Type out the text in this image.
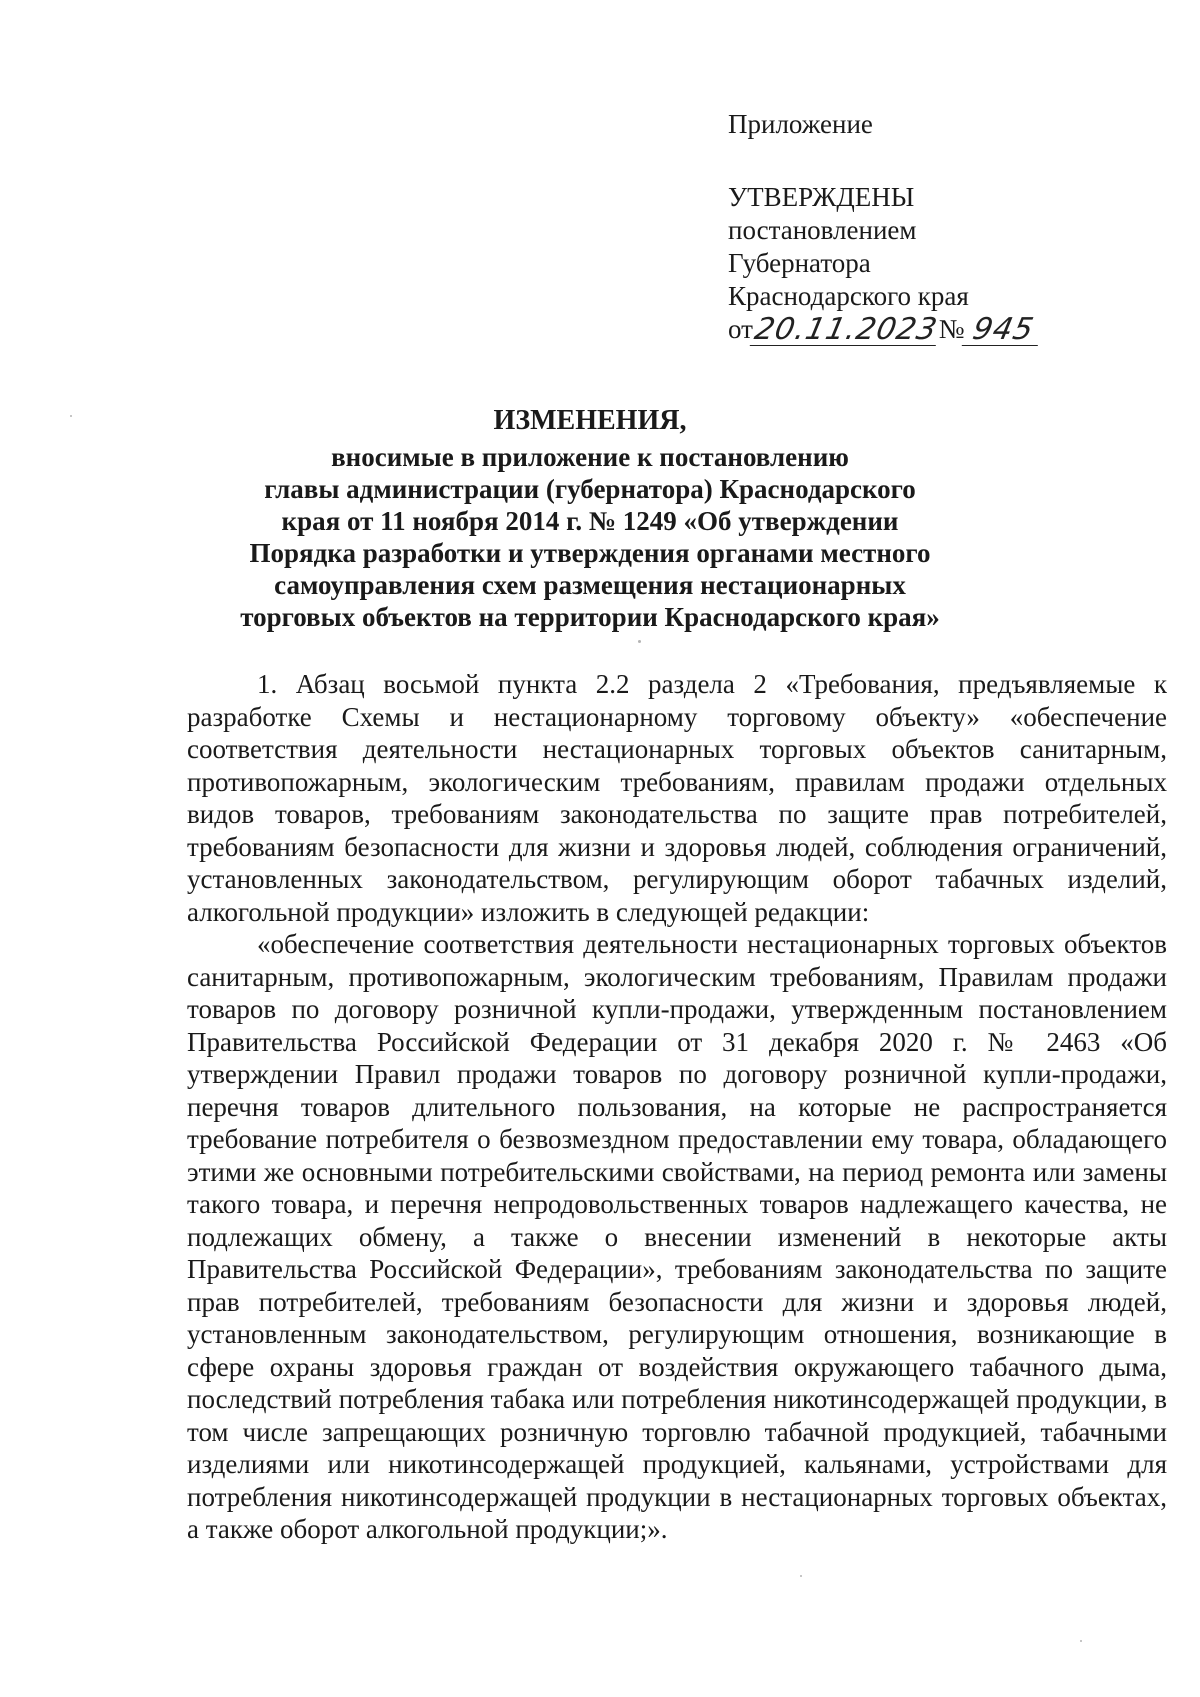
Приложение
УТВЕРЖДЕНЫ
постановлением
Губернатора
Краснодарского края
от
20.11.2023
№ 945
ИЗМЕНЕНИЯ,
вносимые в приложение к постановлению
главы администрации (губернатора) Краснодарского
края от 11 ноября 2014 г. № 1249 «Об утверждении
Порядка разработки и утверждения органами местного
самоуправления схем размещения нестационарных
торговых объектов на территории Краснодарского края»

1. Абзац восьмой пункта 2.2 раздела 2 «Требования, предъявляемые к разработке Схемы и нестационарному торговому объекту» «обеспечение соответствия деятельности нестационарных торговых объектов санитарным, противопожарным, экологическим требованиям, правилам продажи отдельных видов товаров, требованиям законодательства по защите прав потребителей, требованиям безопасности для жизни и здоровья людей, соблюдения ограничений, установленных законодательством, регулирующим оборот табачных изделий, алкогольной продукции» изложить в следующей редакции:

«обеспечение соответствия деятельности нестационарных торговых объектов санитарным, противопожарным, экологическим требованиям, Правилам продажи товаров по договору розничной купли-продажи, утвержденным постановлением Правительства Российской Федерации от 31 декабря 2020 г. № 2463 «Об утверждении Правил продажи товаров по договору розничной купли-продажи, перечня товаров длительного пользования, на которые не распространяется требование потребителя о безвозмездном предоставлении ему товара, обладающего этими же основными потребительскими свойствами, на период ремонта или замены такого товара, и перечня непродовольственных товаров надлежащего качества, не подлежащих обмену, а также о внесении изменений в некоторые акты Правительства Российской Федерации», требованиям законодательства по защите прав потребителей, требованиям безопасности для жизни и здоровья людей, установленным законодательством, регулирующим отношения, возникающие в сфере охраны здоровья граждан от воздействия окружающего табачного дыма, последствий потребления табака или потребления никотинсодержащей продукции, в том числе запрещающих розничную торговлю табачной продукцией, табачными изделиями или никотинсодержащей продукцией, кальянами, устройствами для потребления никотинсодержащей продукции в нестационарных торговых объектах, а также оборот алкогольной продукции;».
